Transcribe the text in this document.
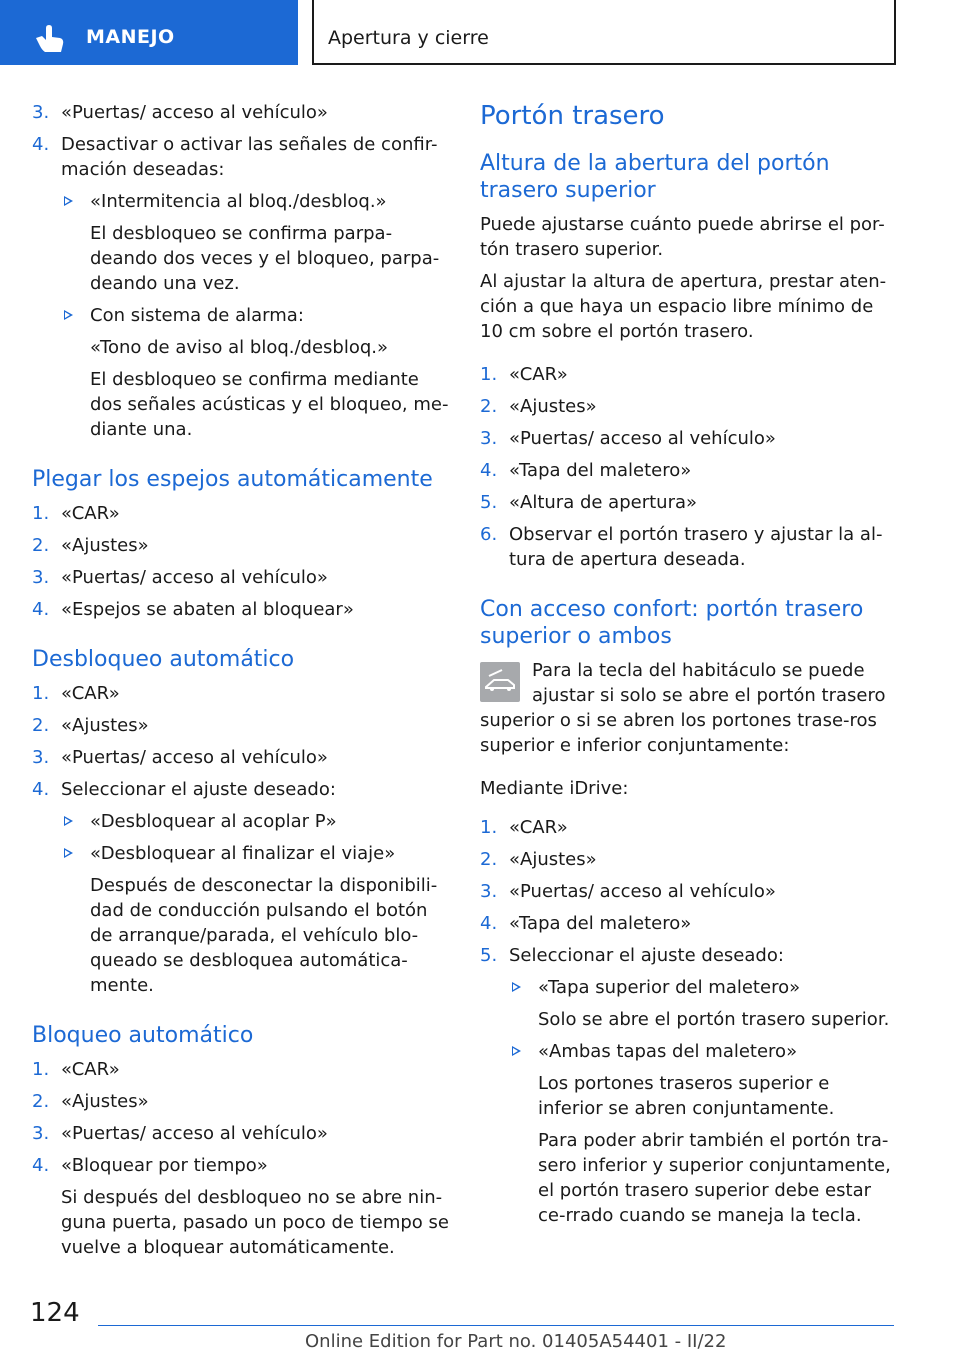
MANEJO	Apertura y cierre
3. «Puertas/ acceso al vehículo»
4. Desactivar o activar las señales de confir-mación deseadas:
«Intermitencia al bloq./desbloq.»
El desbloqueo se confirma parpa-deando dos veces y el bloqueo, parpa-deando una vez.
Con sistema de alarma:
«Tono de aviso al bloq./desbloq.»
El desbloqueo se confirma mediante dos señales acústicas y el bloqueo, me-diante una.
Plegar los espejos automáticamente
1. «CAR»
2. «Ajustes»
3. «Puertas/ acceso al vehículo»
4. «Espejos se abaten al bloquear»
Desbloqueo automático
1. «CAR»
2. «Ajustes»
3. «Puertas/ acceso al vehículo»
4. Seleccionar el ajuste deseado:
«Desbloquear al acoplar P»
«Desbloquear al finalizar el viaje»
Después de desconectar la disponibili-dad de conducción pulsando el botón de arranque/parada, el vehículo blo-queado se desbloquea automática-mente.
Bloqueo automático
1. «CAR»
2. «Ajustes»
3. «Puertas/ acceso al vehículo»
4. «Bloquear por tiempo»
Si después del desbloqueo no se abre nin-guna puerta, pasado un poco de tiempo se vuelve a bloquear automáticamente.
Portón trasero
Altura de la abertura del portón trasero superior
Puede ajustarse cuánto puede abrirse el por-tón trasero superior.
Al ajustar la altura de apertura, prestar aten-ción a que haya un espacio libre mínimo de 10 cm sobre el portón trasero.
1. «CAR»
2. «Ajustes»
3. «Puertas/ acceso al vehículo»
4. «Tapa del maletero»
5. «Altura de apertura»
6. Observar el portón trasero y ajustar la al-tura de apertura deseada.
Con acceso confort: portón trasero superior o ambos
Para la tecla del habitáculo se puede ajustar si solo se abre el portón trasero superior o si se abren los portones trase-ros superior e inferior conjuntamente:
Mediante iDrive:
1. «CAR»
2. «Ajustes»
3. «Puertas/ acceso al vehículo»
4. «Tapa del maletero»
5. Seleccionar el ajuste deseado:
«Tapa superior del maletero»
Solo se abre el portón trasero superior.
«Ambas tapas del maletero»
Los portones traseros superior e inferior se abren conjuntamente.
Para poder abrir también el portón tra-sero inferior y superior conjuntamente, el portón trasero superior debe estar ce-rrado cuando se maneja la tecla.
124
Online Edition for Part no. 01405A54401 - II/22
